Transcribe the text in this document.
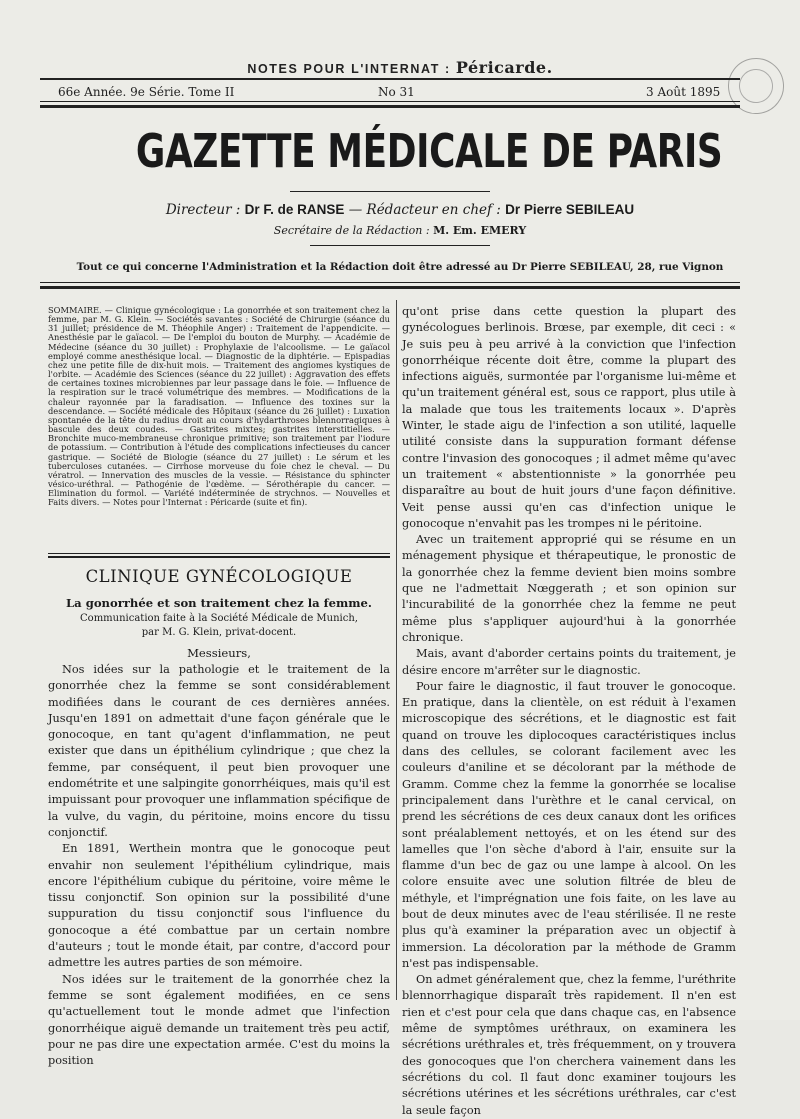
NOTES POUR L'INTERNAT : Péricarde.
66e Année. 9e Série. Tome II	No 31	3 Août 1895
GAZETTE MÉDICALE DE PARIS
Directeur : Dr F. de RANSE — Rédacteur en chef : Dr Pierre SEBILEAU
Secrétaire de la Rédaction : M. Em. EMERY
Tout ce qui concerne l'Administration et la Rédaction doit être adressé au Dr Pierre SEBILEAU, 28, rue Vignon
SOMMAIRE. — Clinique gynécologique : La gonorrhée et son traitement chez la femme, par M. G. Klein. — Sociétés savantes : Société de Chirurgie (séance du 31 juillet; présidence de M. Théophile Anger) : Traitement de l'appendicite. — Anesthésie par le gaïacol. — De l'emploi du bouton de Murphy. — Académie de Médecine (séance du 30 juillet) : Prophylaxie de l'alcoolisme. — Le gaïacol employé comme anesthésique local. — Diagnostic de la diphtérie. — Epispadias chez une petite fille de dix-huit mois. — Traitement des angiomes kystiques de l'orbite. — Académie des Sciences (séance du 22 juillet) : Aggravation des effets de certaines toxines microbiennes par leur passage dans le foie. — Influence de la respiration sur le tracé volumétrique des membres. — Modifications de la chaleur rayonnée par la faradisation. — Influence des toxines sur la descendance. — Société médicale des Hôpitaux (séance du 26 juillet) : Luxation spontanée de la tête du radius droit au cours d'hydarthroses blennorragiques à bascule des deux coudes. — Gastrites mixtes; gastrites interstitielles. — Bronchite muco-membraneuse chronique primitive; son traitement par l'iodure de potassium. — Contribution à l'étude des complications infectieuses du cancer gastrique. — Société de Biologie (séance du 27 juillet) : Le sérum et les tuberculoses cutanées. — Cirrhose morveuse du foie chez le cheval. — Du vératrol. — Innervation des muscles de la vessie. — Résistance du sphincter vésico-uréthral. — Pathogénie de l'œdème. — Sérothérapie du cancer. — Elimination du formol. — Variété indéterminée de strychnos. — Nouvelles et Faits divers. — Notes pour l'Internat : Péricarde (suite et fin).
CLINIQUE GYNÉCOLOGIQUE
La gonorrhée et son traitement chez la femme.
Communication faite à la Société Médicale de Munich,
par M. G. Klein, privat-docent.
Messieurs,

Nos idées sur la pathologie et le traitement de la gonorrhée chez la femme se sont considérablement modifiées dans le courant de ces dernières années. Jusqu'en 1891 on admettait d'une façon générale que le gonocoque, en tant qu'agent d'inflammation, ne peut exister que dans un épithélium cylindrique ; que chez la femme, par conséquent, il peut bien provoquer une endométrite et une salpingite gonorrhéiques, mais qu'il est impuissant pour provoquer une inflammation spécifique de la vulve, du vagin, du péritoine, moins encore du tissu conjonctif.

En 1891, Werthein montra que le gonocoque peut envahir non seulement l'épithélium cylindrique, mais encore l'épithélium cubique du péritoine, voire même le tissu conjonctif. Son opinion sur la possibilité d'une suppuration du tissu conjonctif sous l'influence du gonocoque a été combattue par un certain nombre d'auteurs ; tout le monde était, par contre, d'accord pour admettre les autres parties de son mémoire.

Nos idées sur le traitement de la gonorrhée chez la femme se sont également modifiées, en ce sens qu'actuellement tout le monde admet que l'infection gonorrhéique aiguë demande un traitement très peu actif, pour ne pas dire une expectation armée. C'est du moins la position

qu'ont prise dans cette question la plupart des gynécologues berlinois. Brœse, par exemple, dit ceci : « Je suis peu à peu arrivé à la conviction que l'infection gonorrhéique récente doit être, comme la plupart des infections aiguës, surmontée par l'organisme lui-même et qu'un traitement général est, sous ce rapport, plus utile à la malade que tous les traitements locaux ». D'après Winter, le stade aigu de l'infection a son utilité, laquelle utilité consiste dans la suppuration formant défense contre l'invasion des gonocoques ; il admet même qu'avec un traitement « abstentionniste » la gonorrhée peu disparaître au bout de huit jours d'une façon définitive. Veit pense aussi qu'en cas d'infection unique le gonocoque n'envahit pas les trompes ni le péritoine.

Avec un traitement approprié qui se résume en un ménagement physique et thérapeutique, le pronostic de la gonorrhée chez la femme devient bien moins sombre que ne l'admettait Nœggerath ; et son opinion sur l'incurabilité de la gonorrhée chez la femme ne peut même plus s'appliquer aujourd'hui à la gonorrhée chronique.

Mais, avant d'aborder certains points du traitement, je désire encore m'arrêter sur le diagnostic.

Pour faire le diagnostic, il faut trouver le gonocoque. En pratique, dans la clientèle, on est réduit à l'examen microscopique des sécrétions, et le diagnostic est fait quand on trouve les diplocoques caractéristiques inclus dans des cellules, se colorant facilement avec les couleurs d'aniline et se décolorant par la méthode de Gramm. Comme chez la femme la gonorrhée se localise principalement dans l'urèthre et le canal cervical, on prend les sécrétions de ces deux canaux dont les orifices sont préalablement nettoyés, et on les étend sur des lamelles que l'on sèche d'abord à l'air, ensuite sur la flamme d'un bec de gaz ou une lampe à alcool. On les colore ensuite avec une solution filtrée de bleu de méthyle, et l'imprégnation une fois faite, on les lave au bout de deux minutes avec de l'eau stérilisée. Il ne reste plus qu'à examiner la préparation avec un objectif à immersion. La décoloration par la méthode de Gramm n'est pas indispensable.

On admet généralement que, chez la femme, l'uréthrite blennorrhagique disparaît très rapidement. Il n'en est rien et c'est pour cela que dans chaque cas, en l'absence même de symptômes uréthraux, on examinera les sécrétions uréthrales et, très fréquemment, on y trouvera des gonocoques que l'on cherchera vainement dans les sécrétions du col. Il faut donc examiner toujours les sécrétions utérines et les sécrétions uréthrales, car c'est la seule façon
